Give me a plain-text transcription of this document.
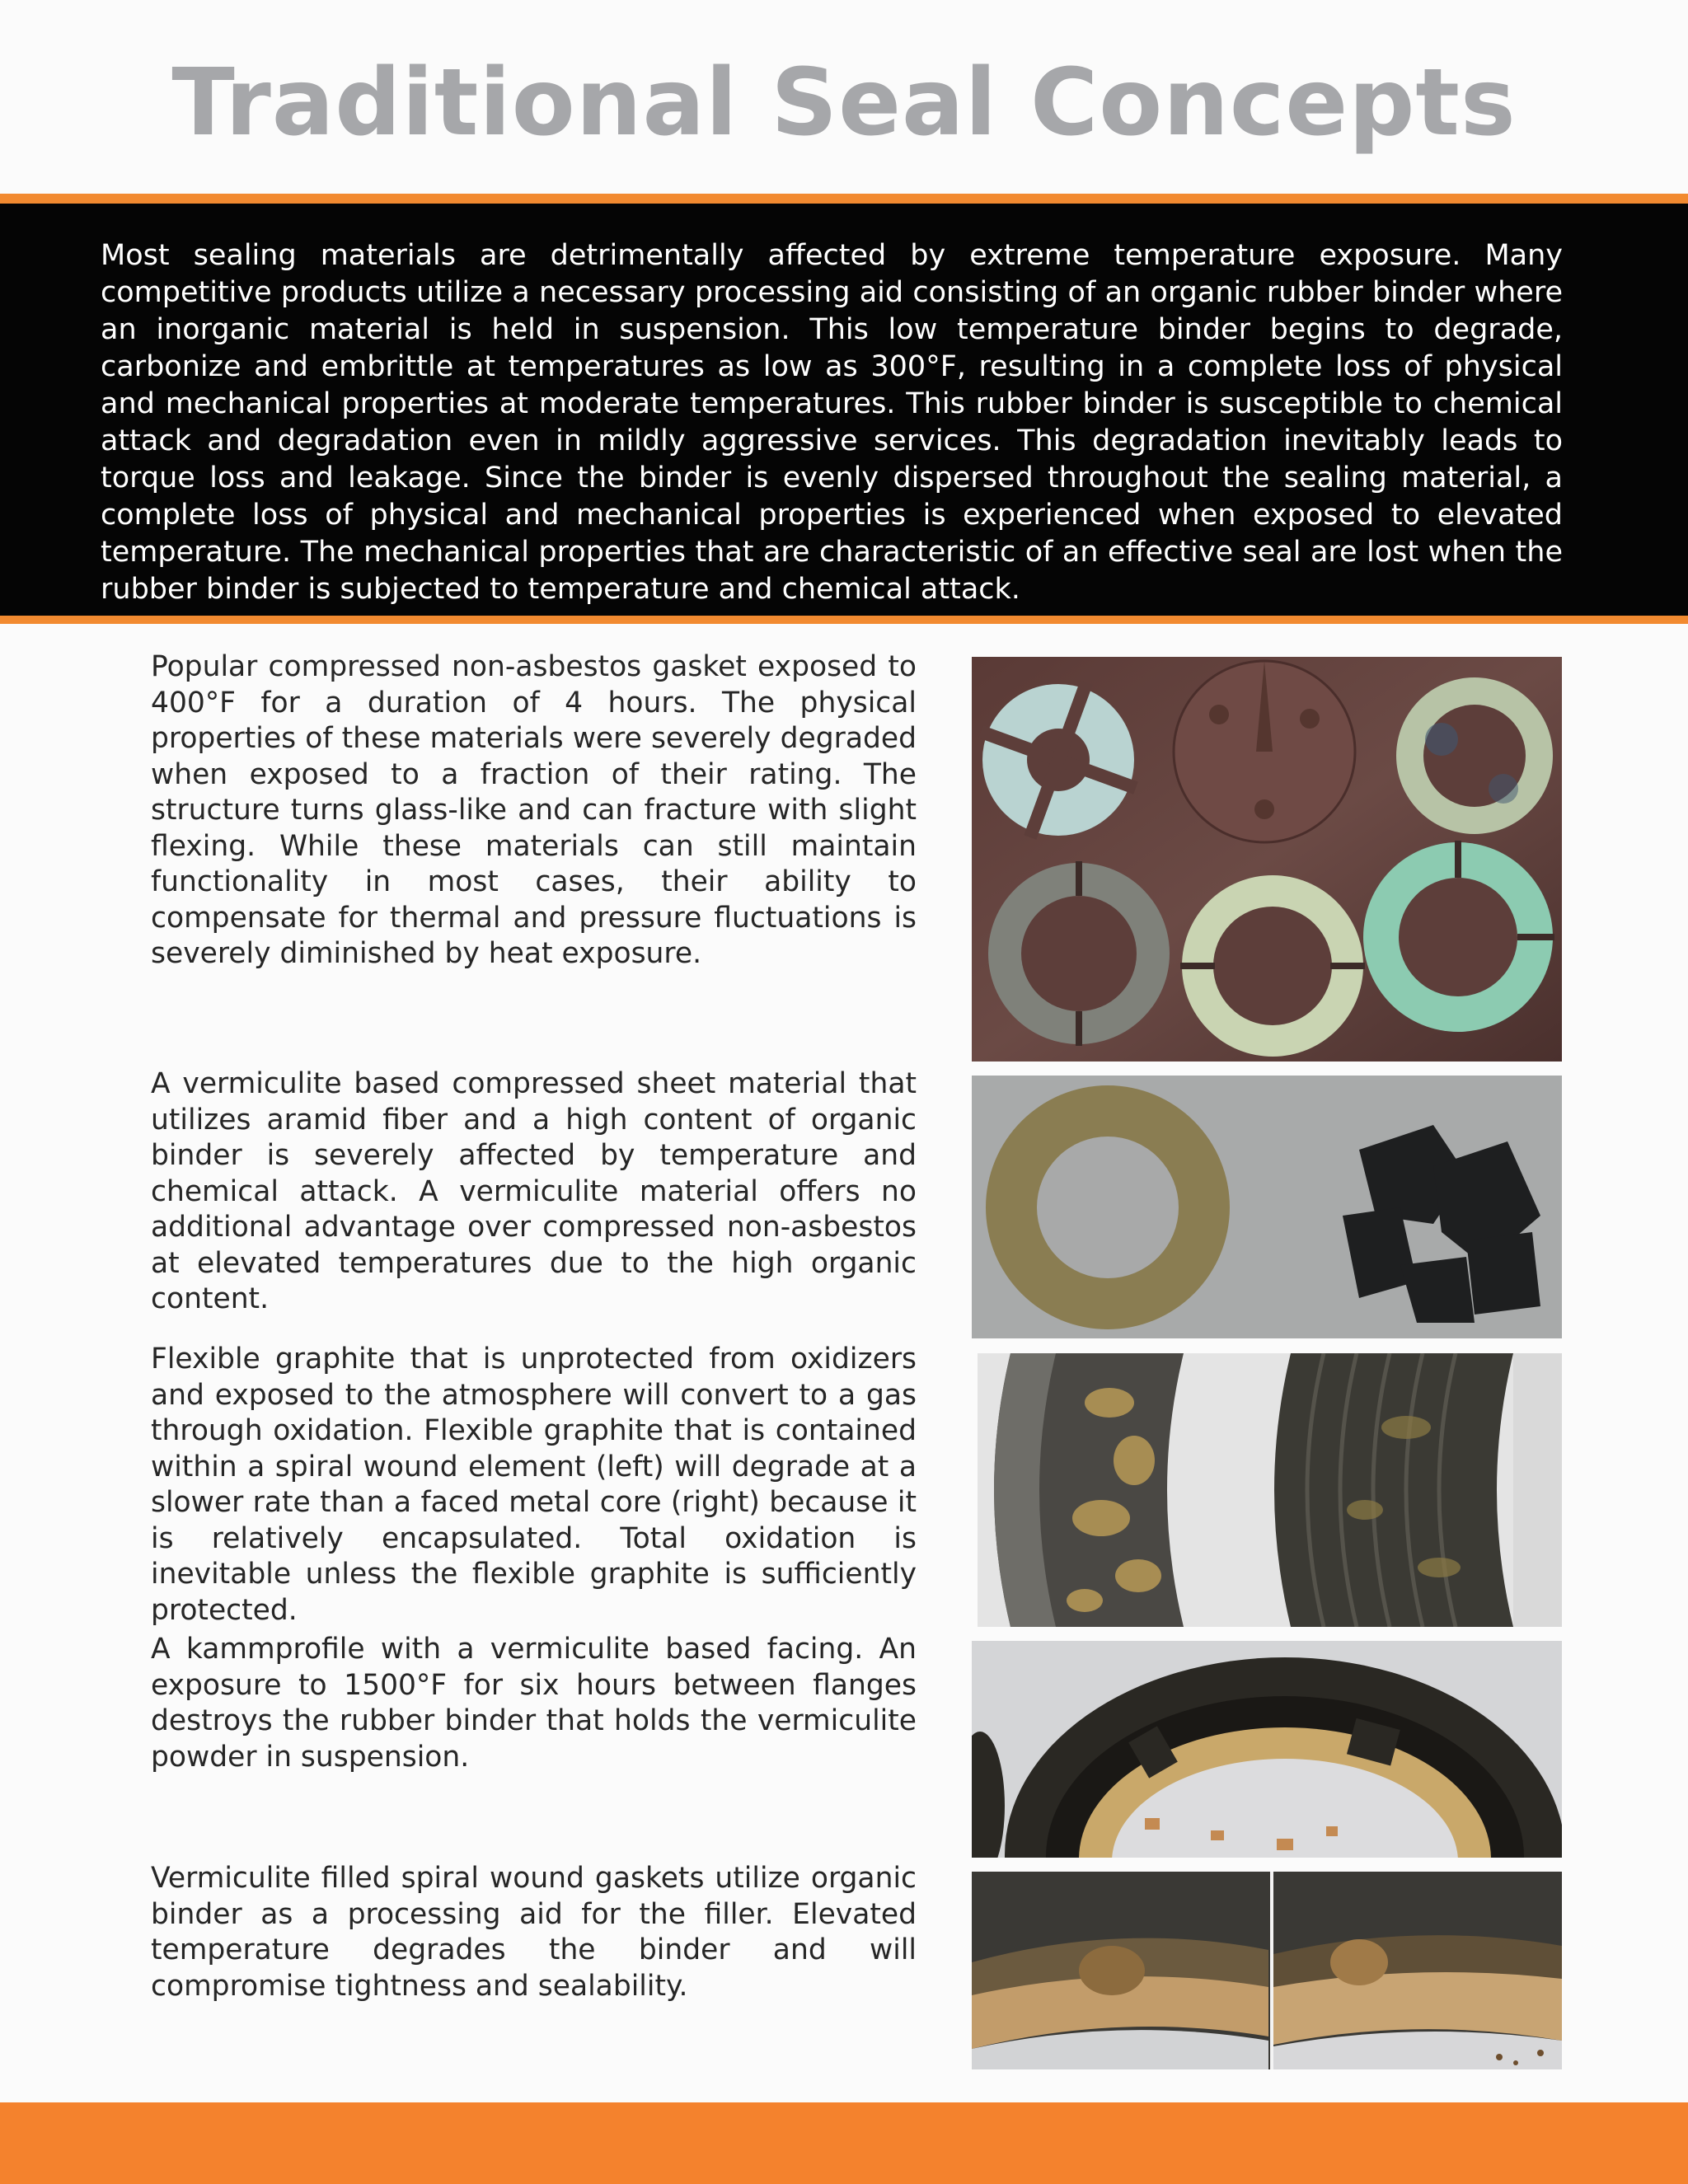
Traditional Seal Concepts
Most sealing materials are detrimentally affected by extreme temperature exposure. Many competitive products utilize a necessary processing aid consisting of an organic rubber binder where an inorganic material is held in suspension. This low temperature binder begins to degrade, carbonize and embrittle at temperatures as low as 300°F, resulting in a complete loss of physical and mechanical properties at moderate temperatures. This rubber binder is susceptible to chemical attack and degradation even in mildly aggressive services. This degradation inevitably leads to torque loss and leakage. Since the binder is evenly dispersed throughout the sealing material, a complete loss of physical and mechanical properties is experienced when exposed to elevated temperature. The mechanical properties that are characteristic of an effective seal are lost when the rubber binder is subjected to temperature and chemical attack.
Popular compressed non-asbestos gasket exposed to 400°F for a duration of 4 hours. The physical properties of these materials were severely degraded when exposed to a fraction of their rating. The structure turns glass-like and can fracture with slight flexing. While these materials can still maintain functionality in most cases, their ability to compensate for thermal and pressure fluctuations is severely diminished by heat exposure.
A vermiculite based compressed sheet material that utilizes aramid fiber and a high content of organic binder is severely affected by temperature and chemical attack. A vermiculite material offers no additional advantage over compressed non-asbestos at elevated temperatures due to the high organic content.
Flexible graphite that is unprotected from oxidizers and exposed to the atmosphere will convert to a gas through oxidation. Flexible graphite that is contained within a spiral wound element (left) will degrade at a slower rate than a faced metal core (right) because it is relatively encapsulated. Total oxidation is inevitable unless the flexible graphite is sufficiently protected.
A kammprofile with a vermiculite based facing. An exposure to 1500°F for six hours between flanges destroys the rubber binder that holds the vermiculite powder in suspension.
Vermiculite filled spiral wound gaskets utilize organic binder as a processing aid for the filler. Elevated temperature degrades the binder and will compromise tightness and sealability.
